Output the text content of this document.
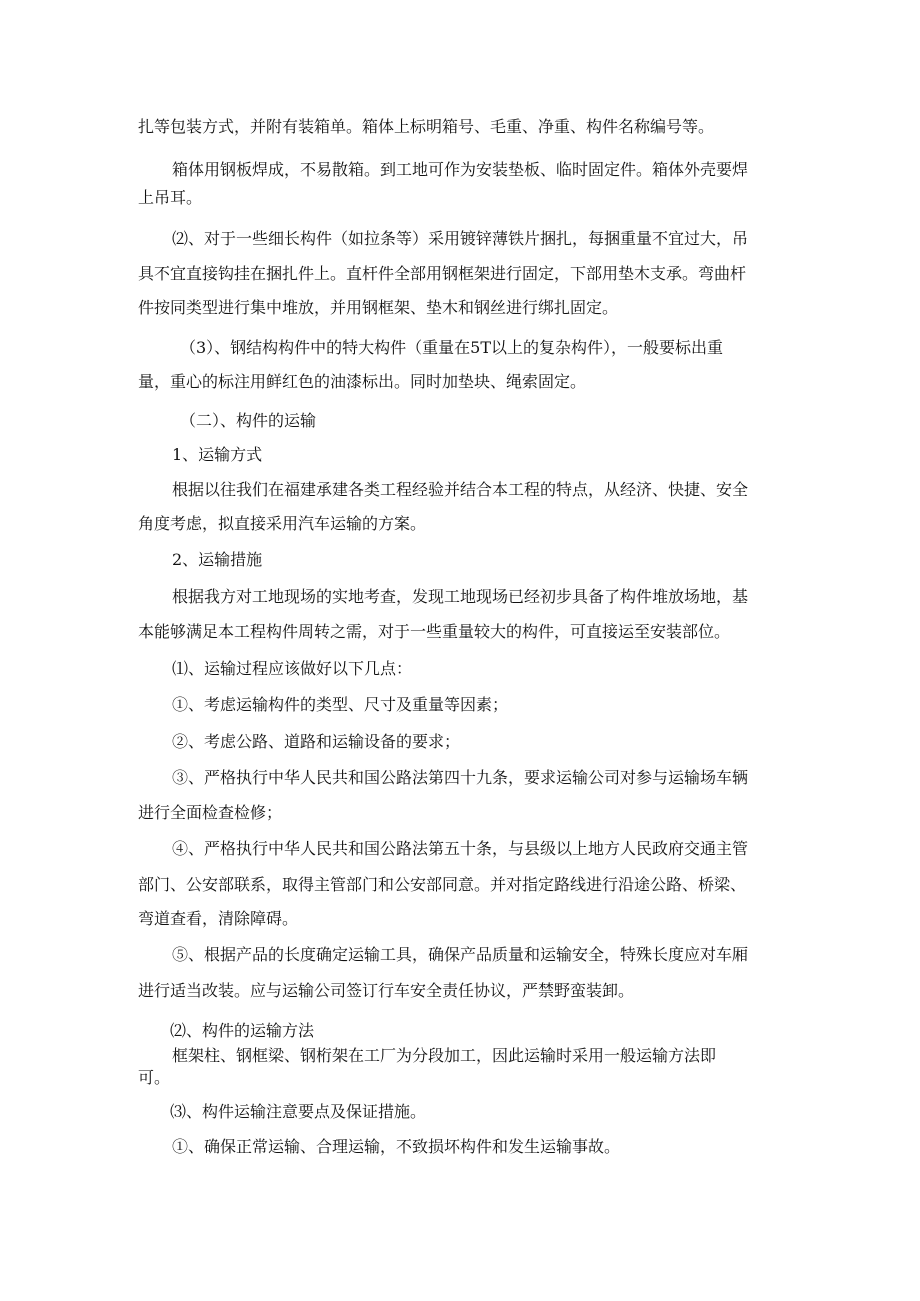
扎等包装方式，并附有装箱单。箱体上标明箱号、毛重、净重、构件名称编号等。
箱体用钢板焊成，不易散箱。到工地可作为安装垫板、临时固定件。箱体外壳要焊
上吊耳。
⑵、对于一些细长构件（如拉条等）采用镀锌薄铁片捆扎，每捆重量不宜过大，吊
具不宜直接钩挂在捆扎件上。直杆件全部用钢框架进行固定，下部用垫木支承。弯曲杆
件按同类型进行集中堆放，并用钢框架、垫木和钢丝进行绑扎固定。
（3）、钢结构构件中的特大构件（重量在5T以上的复杂构件），一般要标出重
量，重心的标注用鲜红色的油漆标出。同时加垫块、绳索固定。
（二）、构件的运输
1、运输方式
根据以往我们在福建承建各类工程经验并结合本工程的特点，从经济、快捷、安全
角度考虑，拟直接采用汽车运输的方案。
2、运输措施
根据我方对工地现场的实地考查，发现工地现场已经初步具备了构件堆放场地，基
本能够满足本工程构件周转之需，对于一些重量较大的构件，可直接运至安装部位。
⑴、运输过程应该做好以下几点：
①、考虑运输构件的类型、尺寸及重量等因素；
②、考虑公路、道路和运输设备的要求；
③、严格执行中华人民共和国公路法第四十九条，要求运输公司对参与运输场车辆
进行全面检查检修；
④、严格执行中华人民共和国公路法第五十条，与县级以上地方人民政府交通主管
部门、公安部联系，取得主管部门和公安部同意。并对指定路线进行沿途公路、桥梁、
弯道查看，清除障碍。
⑤、根据产品的长度确定运输工具，确保产品质量和运输安全，特殊长度应对车厢
进行适当改装。应与运输公司签订行车安全责任协议，严禁野蛮装卸。
⑵、构件的运输方法
框架柱、钢框梁、钢桁架在工厂为分段加工，因此运输时采用一般运输方法即
可。
⑶、构件运输注意要点及保证措施。
①、确保正常运输、合理运输，不致损坏构件和发生运输事故。
